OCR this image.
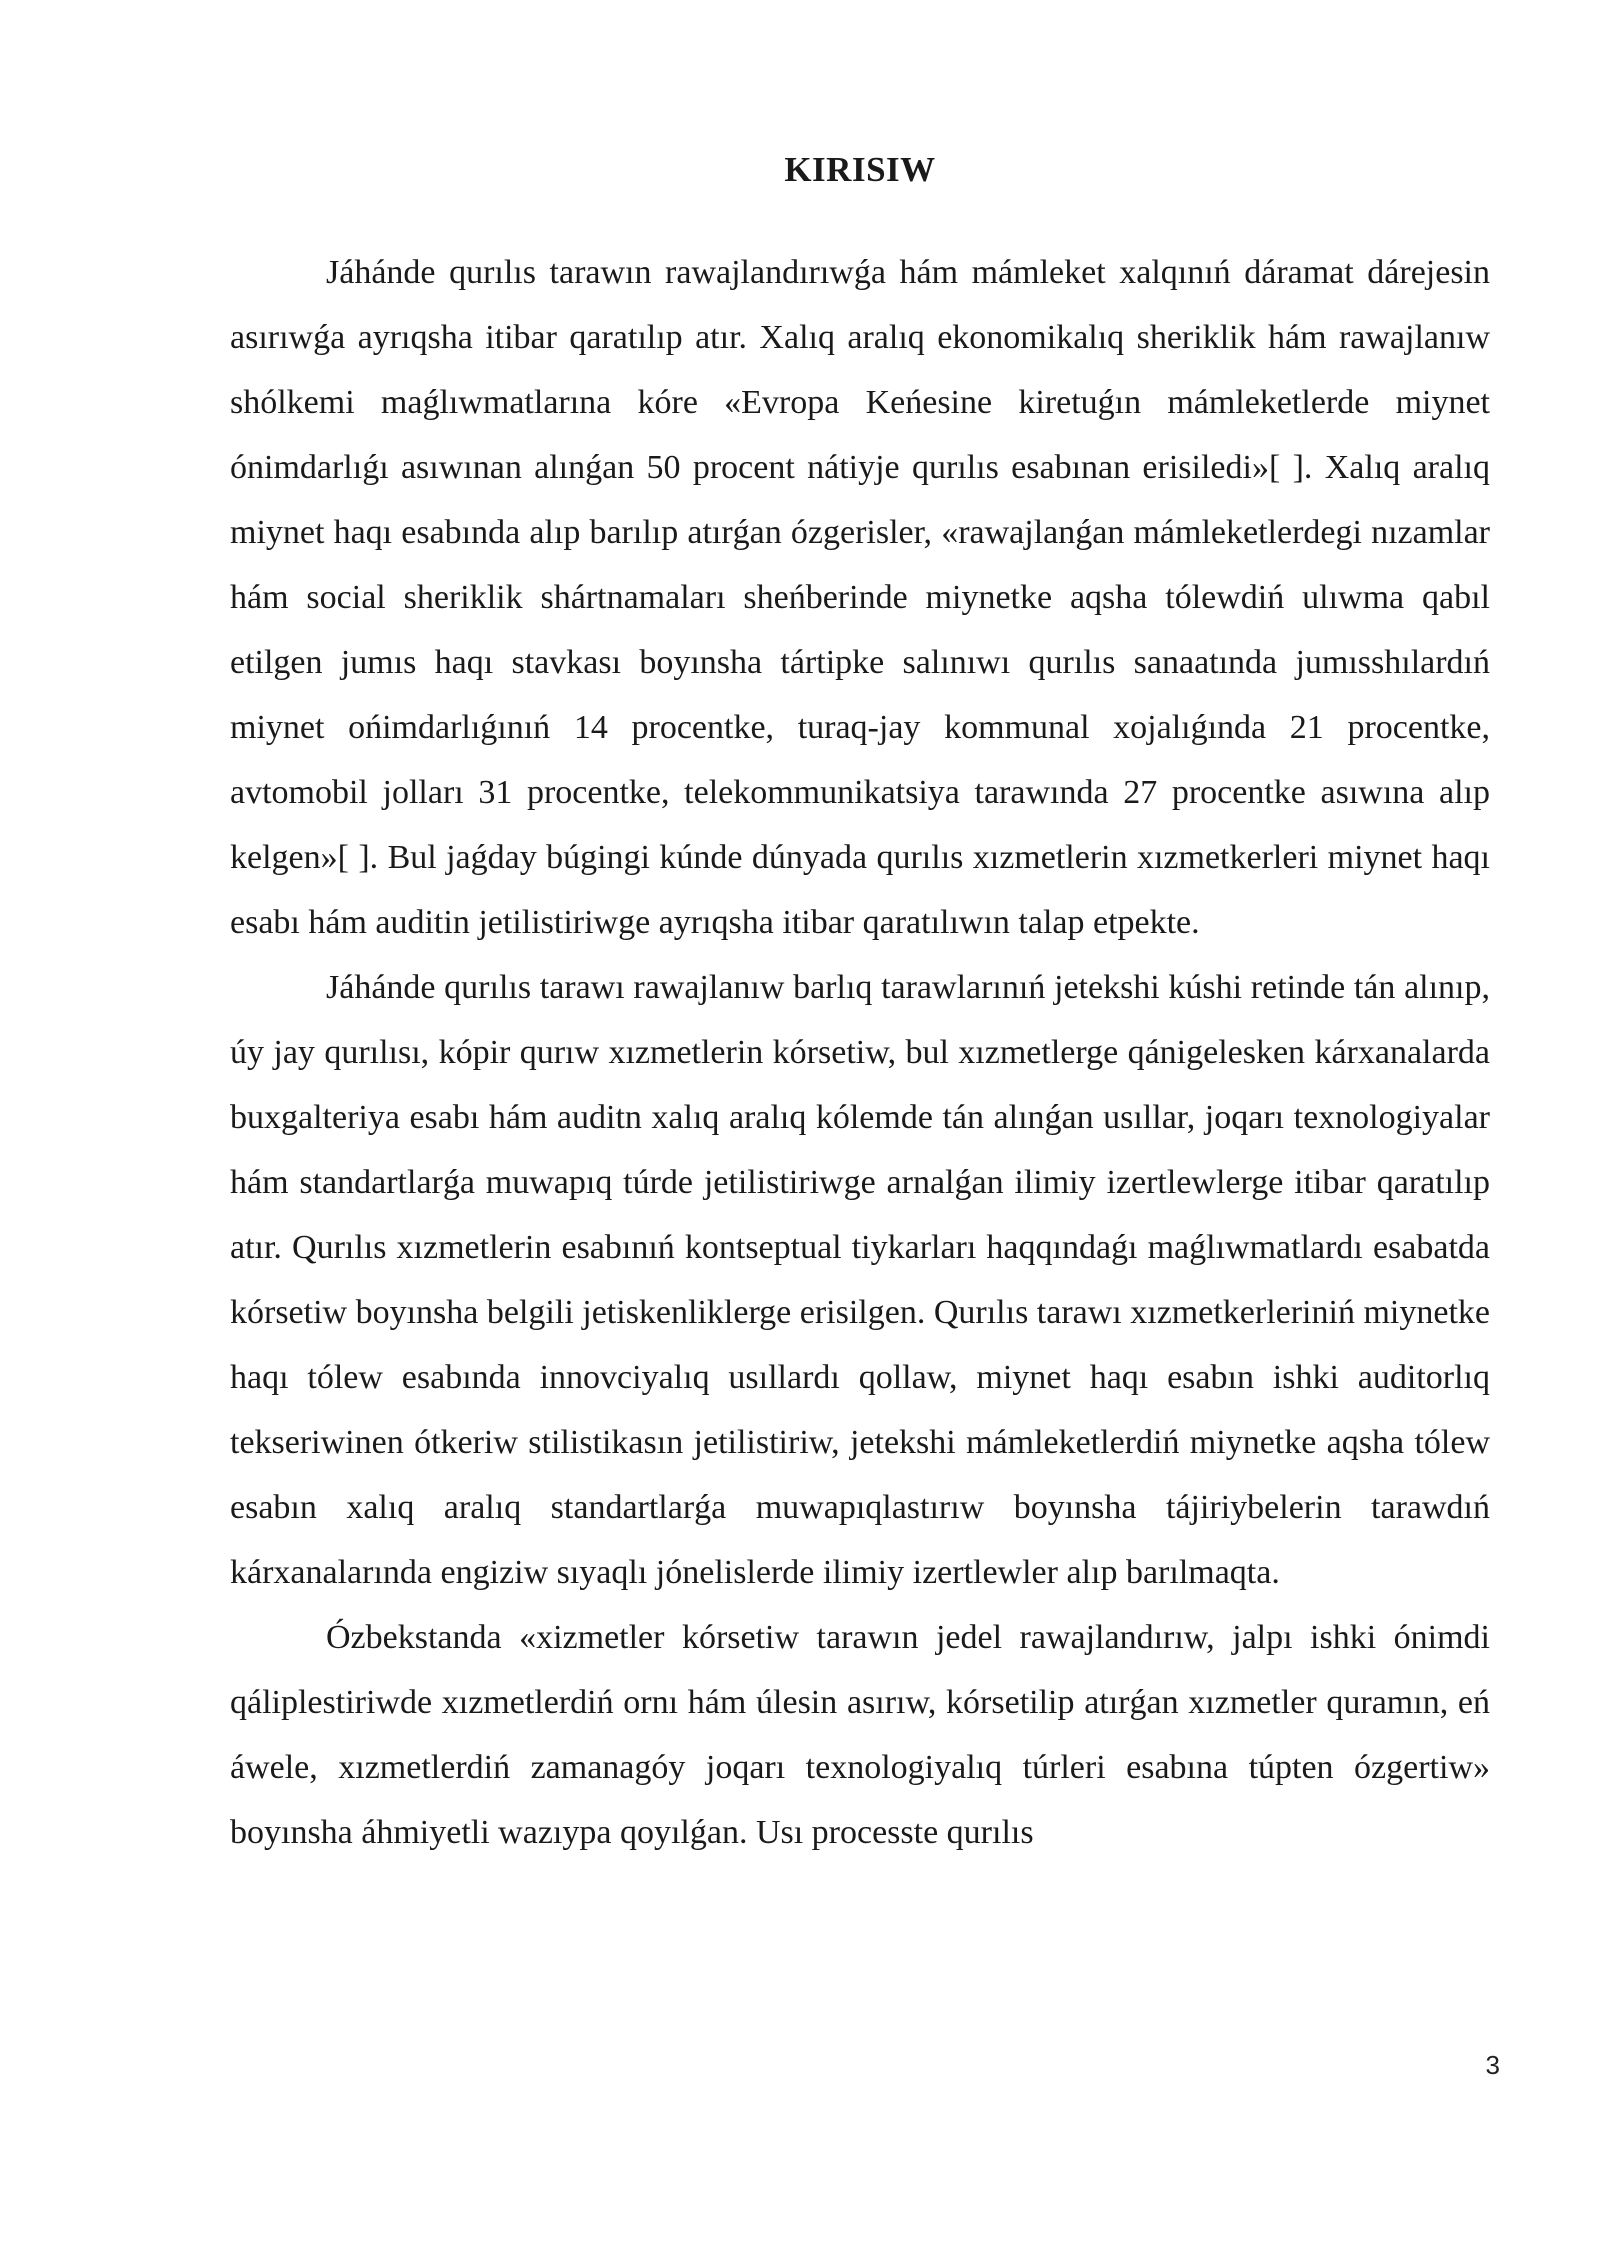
KIRISIW

Jáhánde qurılıs tarawın rawajlandırıwǵa hám mámleket xalqınıń dáramat dárejesin asırıwǵa ayrıqsha itibar qaratılıp atır. Xalıq aralıq ekonomikalıq sheriklik hám rawajlanıw shólkemi maǵlıwmatlarına kóre «Evropa Keńesine kiretuǵın mámleketlerde miynet ónimdarlıǵı asıwınan alınǵan 50 procent nátiyje qurılıs esabınan erisiledi»[ ]. Xalıq aralıq miynet haqı esabında alıp barılıp atırǵan ózgerisler, «rawajlanǵan mámleketlerdegi nızamlar hám social sheriklik shártnamaları sheńberinde miynetke aqsha tólewdiń ulıwma qabıl etilgen jumıs haqı stavkası boyınsha tártipke salınıwı qurılıs sanaatında jumısshılardıń miynet ońimdarlıǵınıń 14 procentke, turaq-jay kommunal xojalıǵında 21 procentke, avtomobil jolları 31 procentke, telekommunikatsiya tarawında 27 procentke asıwına alıp kelgen»[ ]. Bul jaǵday búgingi kúnde dúnyada qurılıs xızmetlerin xızmetkerleri miynet haqı esabı hám auditin jetilistiriwge ayrıqsha itibar qaratılıwın talap etpekte.

Jáhánde qurılıs tarawı rawajlanıw barlıq tarawlarınıń jetekshi kúshi retinde tán alınıp, úy jay qurılısı, kópir qurıw xızmetlerin kórsetiw, bul xızmetlerge qánigelesken kárxanalarda buxgalteriya esabı hám auditn xalıq aralıq kólemde tán alınǵan usıllar, joqarı texnologiyalar hám standartlarǵa muwapıq túrde jetilistiriwge arnalǵan ilimiy izertlewlerge itibar qaratılıp atır. Qurılıs xızmetlerin esabınıń kontseptual tiykarları haqqındaǵı maǵlıwmatlardı esabatda kórsetiw boyınsha belgili jetiskenliklerge erisilgen. Qurılıs tarawı xızmetkerleriniń miynetke haqı tólew esabında innovciyalıq usıllardı qollaw, miynet haqı esabın ishki auditorlıq tekseriwinen ótkeriw stilistikasın jetilistiriw, jetekshi mámleketlerdiń miynetke aqsha tólew esabın xalıq aralıq standartlarǵa muwapıqlastırıw boyınsha tájiriybelerin tarawdıń kárxanalarında engiziw sıyaqlı jónelislerde ilimiy izertlewler alıp barılmaqta.

Ózbekstanda «xizmetler kórsetiw tarawın jedel rawajlandırıw, jalpı ishki ónimdi qáliplestiriwde xızmetlerdiń ornı hám úlesin asırıw, kórsetilip atırǵan xızmetler quramın, eń áwele, xızmetlerdiń zamanagóy joqarı texnologiyalıq túrleri esabına túpten ózgertiw» boyınsha áhmiyetli wazıypa qoyılǵan. Usı processte qurılıs

3
